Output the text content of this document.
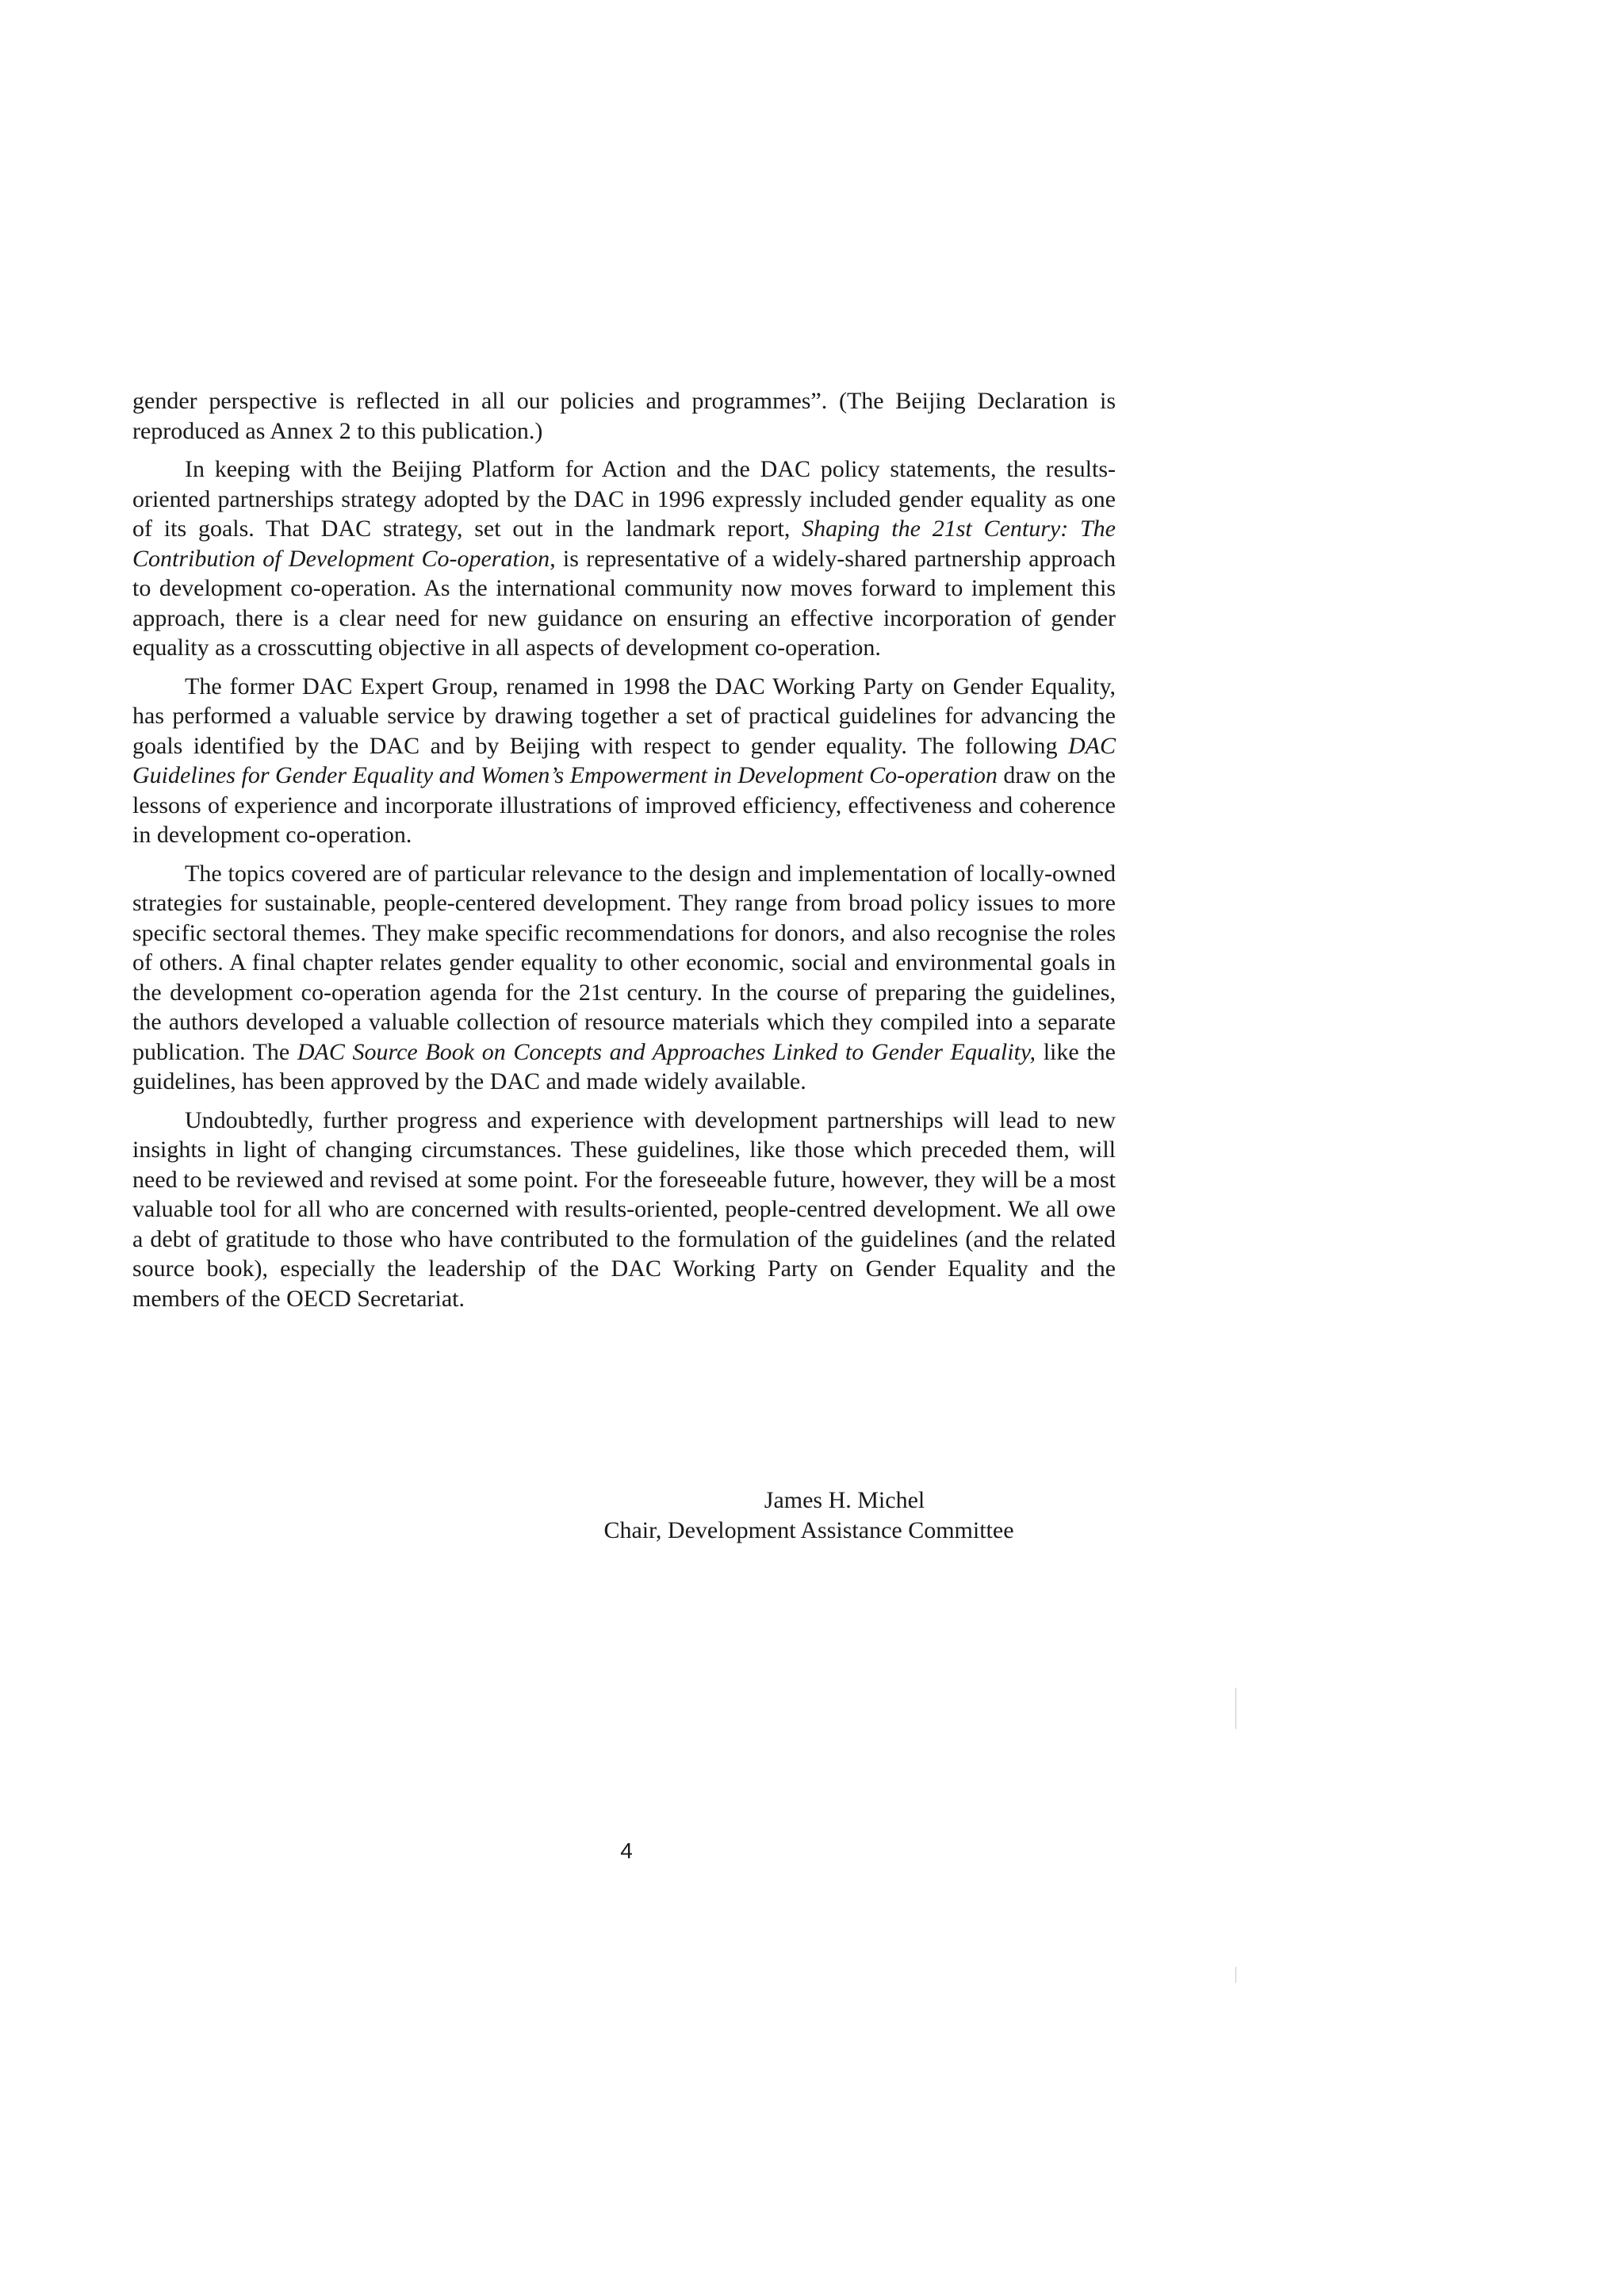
gender perspective is reflected in all our policies and programmes”. (The Beijing Declaration is reproduced as Annex 2 to this publication.)

In keeping with the Beijing Platform for Action and the DAC policy statements, the results-oriented partnerships strategy adopted by the DAC in 1996 expressly included gender equality as one of its goals. That DAC strategy, set out in the landmark report, Shaping the 21st Century: The Contribution of Development Co-operation, is representative of a widely-shared partnership approach to development co-operation. As the international community now moves forward to implement this approach, there is a clear need for new guidance on ensuring an effective incorporation of gender equality as a crosscutting objective in all aspects of development co-operation.

The former DAC Expert Group, renamed in 1998 the DAC Working Party on Gender Equality, has performed a valuable service by drawing together a set of practical guidelines for advancing the goals identified by the DAC and by Beijing with respect to gender equality. The following DAC Guidelines for Gender Equality and Women’s Empowerment in Development Co-operation draw on the lessons of experience and incorporate illustrations of improved efficiency, effectiveness and coherence in development co-operation.

The topics covered are of particular relevance to the design and implementation of locally-owned strategies for sustainable, people-centered development. They range from broad policy issues to more specific sectoral themes. They make specific recommendations for donors, and also recognise the roles of others. A final chapter relates gender equality to other economic, social and environmental goals in the development co-operation agenda for the 21st century. In the course of preparing the guidelines, the authors developed a valuable collection of resource materials which they compiled into a separate publication. The DAC Source Book on Concepts and Approaches Linked to Gender Equality, like the guidelines, has been approved by the DAC and made widely available.

Undoubtedly, further progress and experience with development partnerships will lead to new insights in light of changing circumstances. These guidelines, like those which preceded them, will need to be reviewed and revised at some point. For the foreseeable future, however, they will be a most valuable tool for all who are concerned with results-oriented, people-centred development. We all owe a debt of gratitude to those who have contributed to the formulation of the guidelines (and the related source book), especially the leadership of the DAC Working Party on Gender Equality and the members of the OECD Secretariat.

James H. Michel
Chair, Development Assistance Committee
4
